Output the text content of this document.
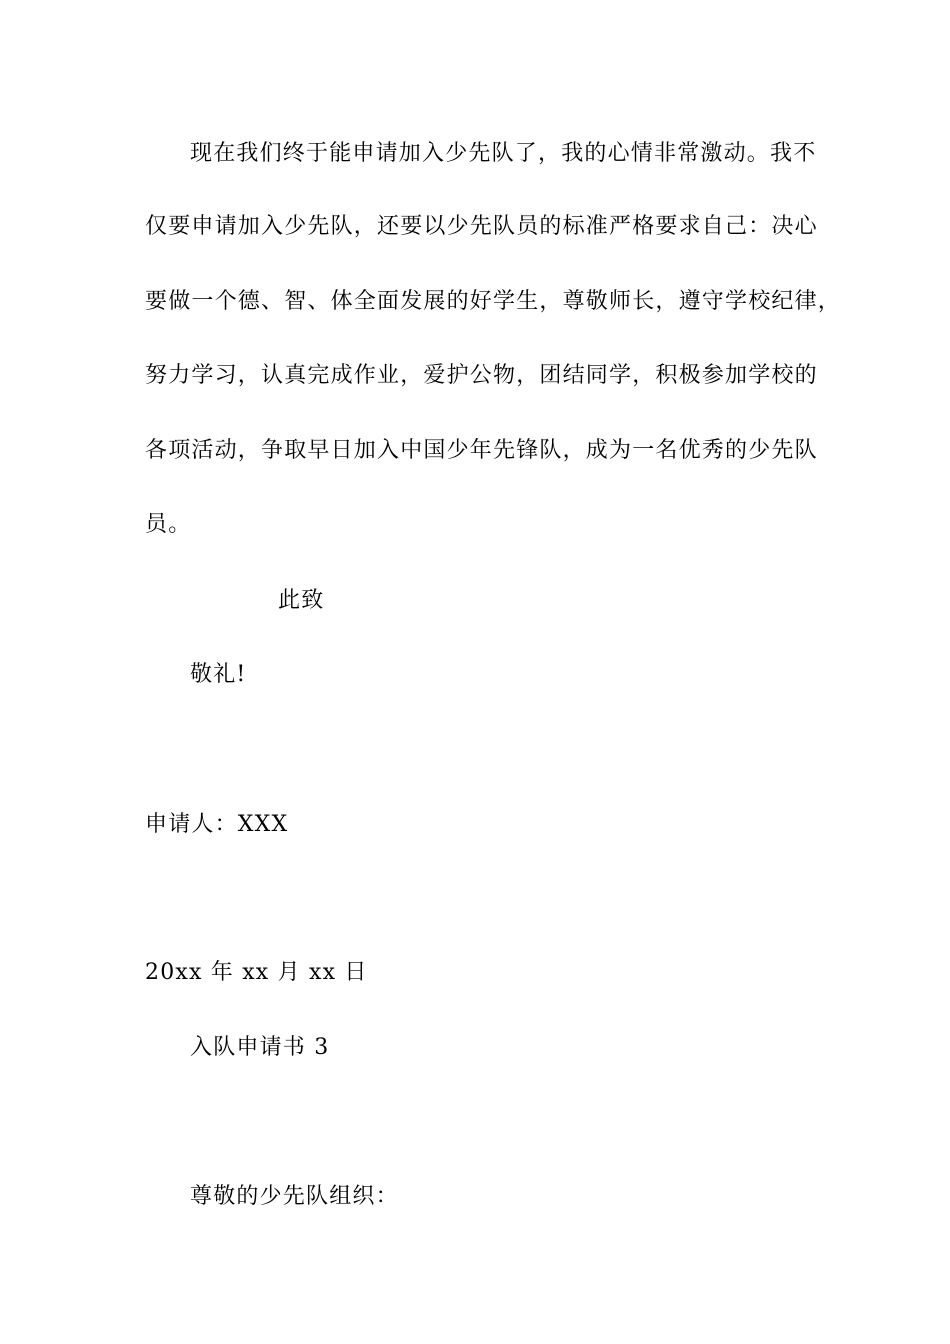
现在我们终于能申请加入少先队了，我的心情非常激动。我不
仅要申请加入少先队，还要以少先队员的标准严格要求自己：决心
要做一个德、智、体全面发展的好学生，尊敬师长，遵守学校纪律，
努力学习，认真完成作业，爱护公物，团结同学，积极参加学校的
各项活动，争取早日加入中国少年先锋队，成为一名优秀的少先队
员。
此致
敬礼!
申请人：XXX
20xx 年 xx 月 xx 日
入队申请书 3
尊敬的少先队组织：
